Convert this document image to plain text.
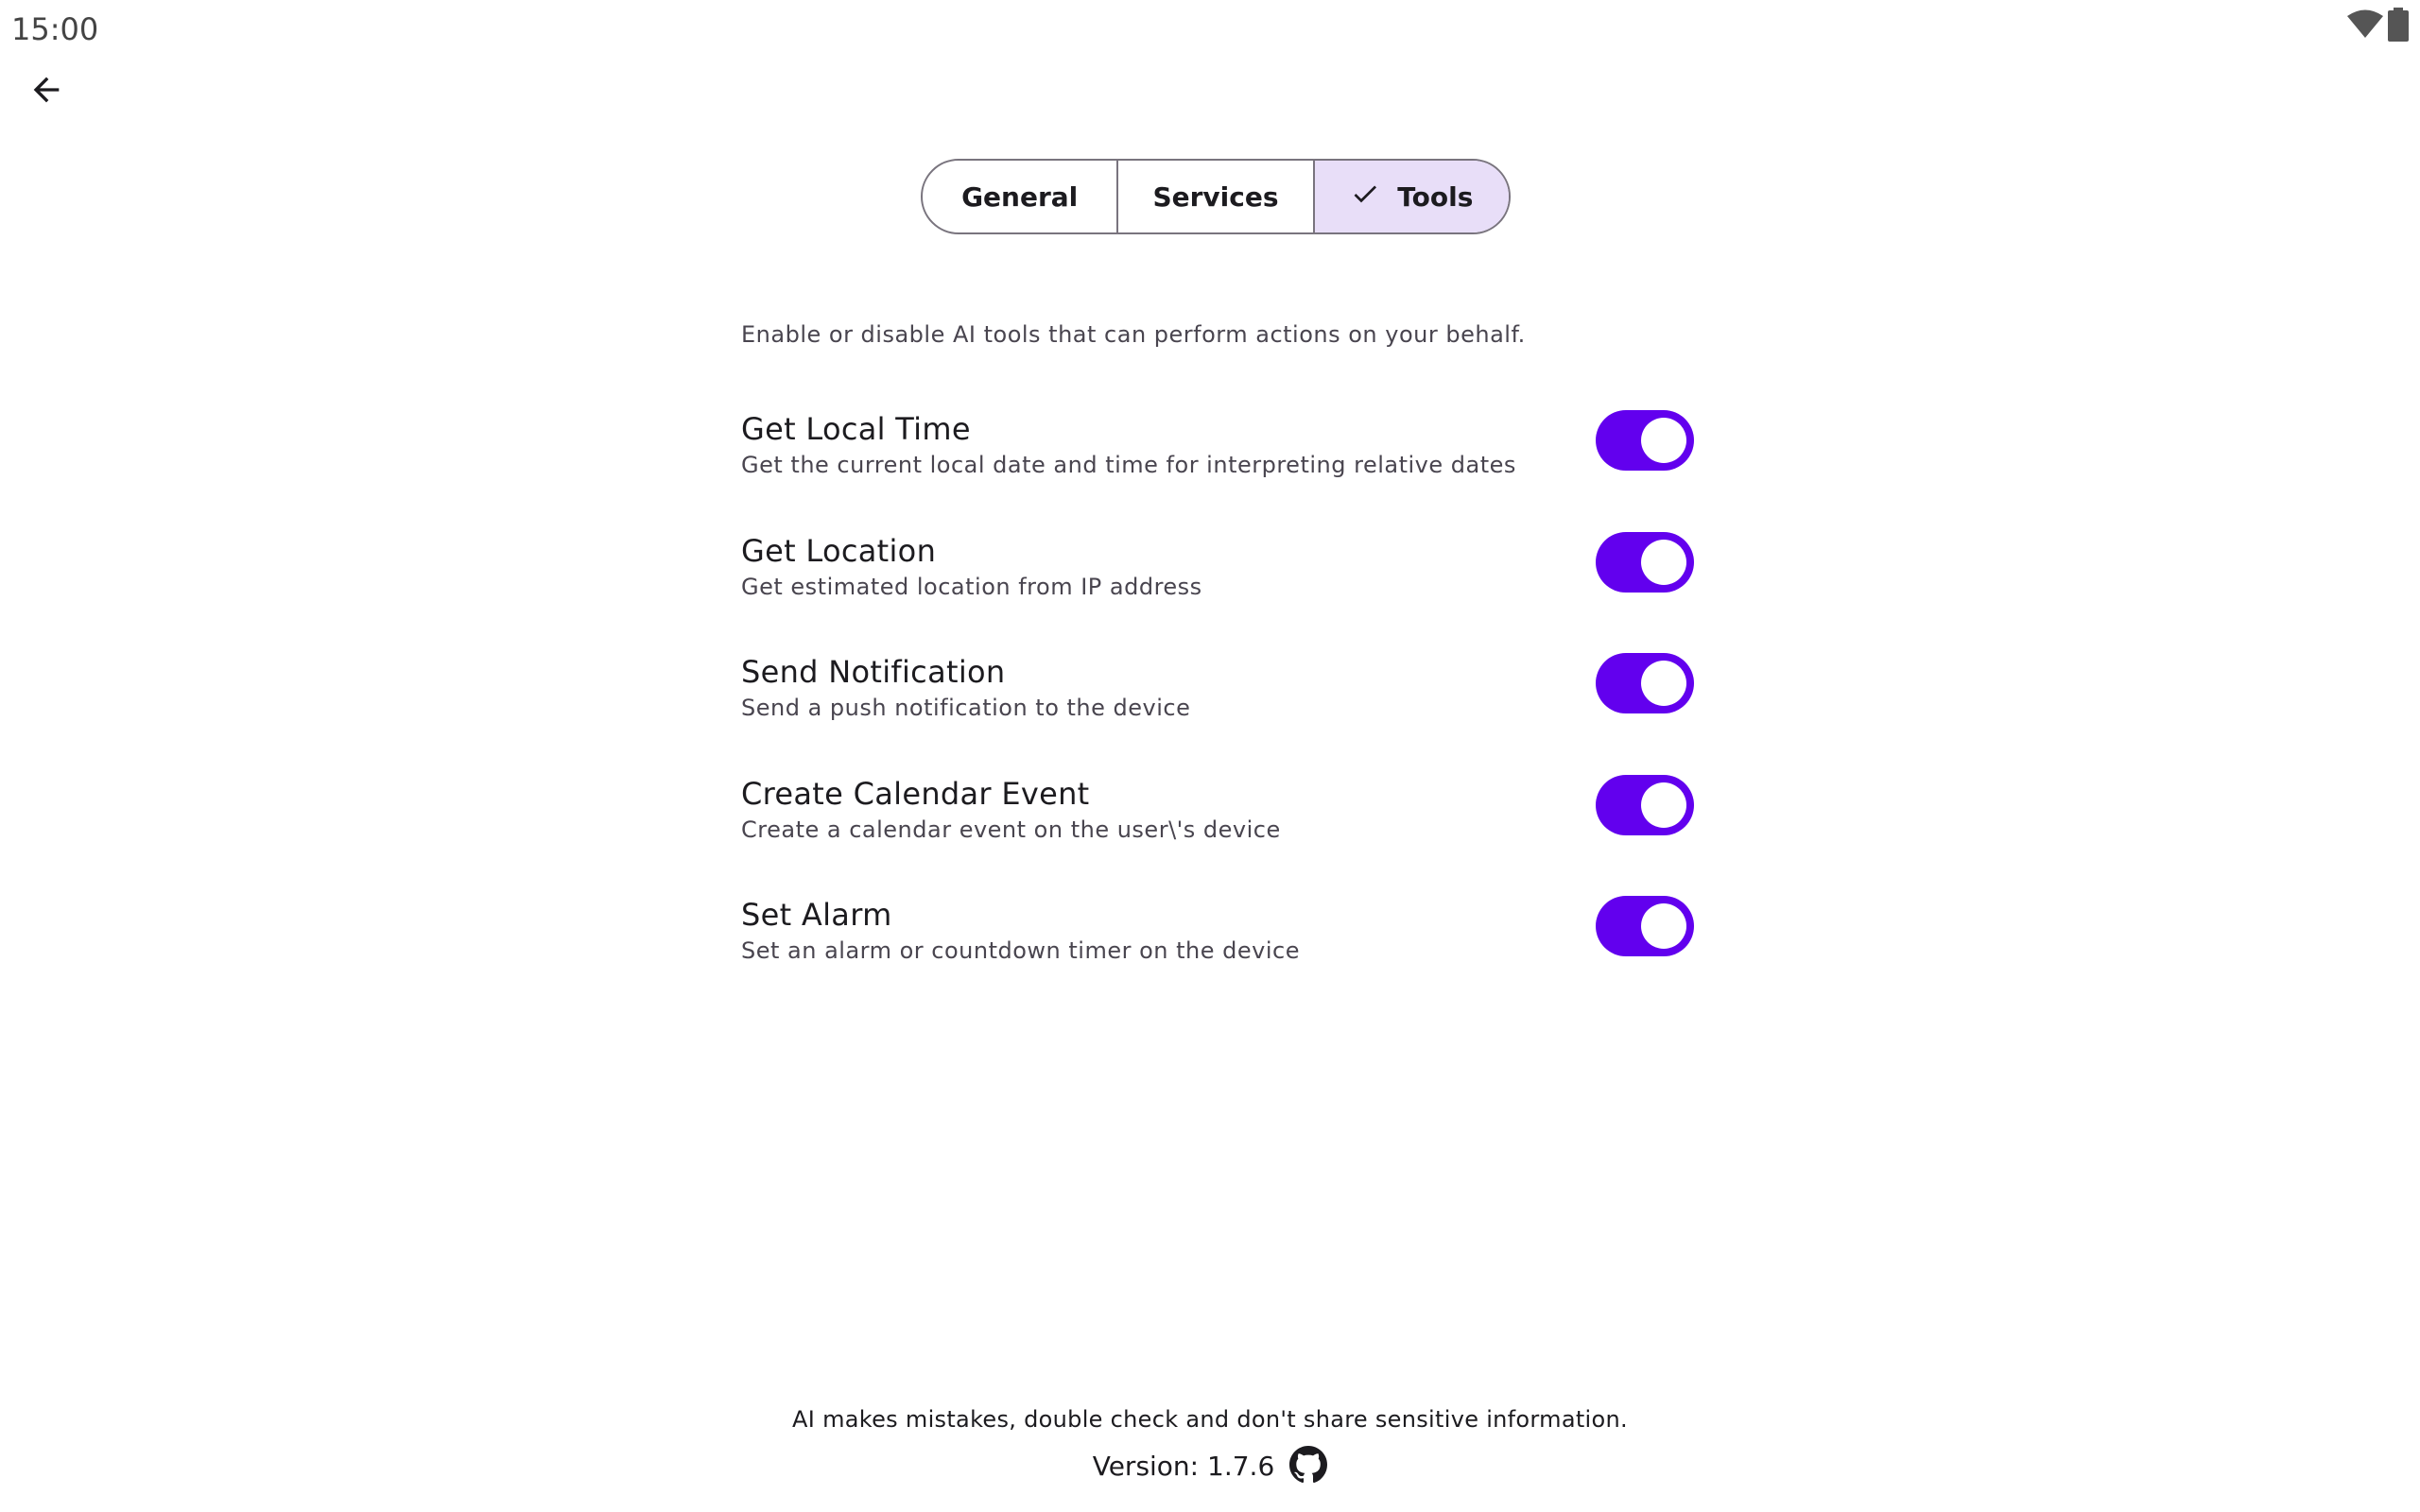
15:00
General	Services	Tools
Enable or disable AI tools that can perform actions on your behalf.
Get Local Time
Get the current local date and time for interpreting relative dates
Get Location
Get estimated location from IP address
Send Notification
Send a push notification to the device
Create Calendar Event
Create a calendar event on the user\'s device
Set Alarm
Set an alarm or countdown timer on the device
AI makes mistakes, double check and don't share sensitive information.
Version: 1.7.6
